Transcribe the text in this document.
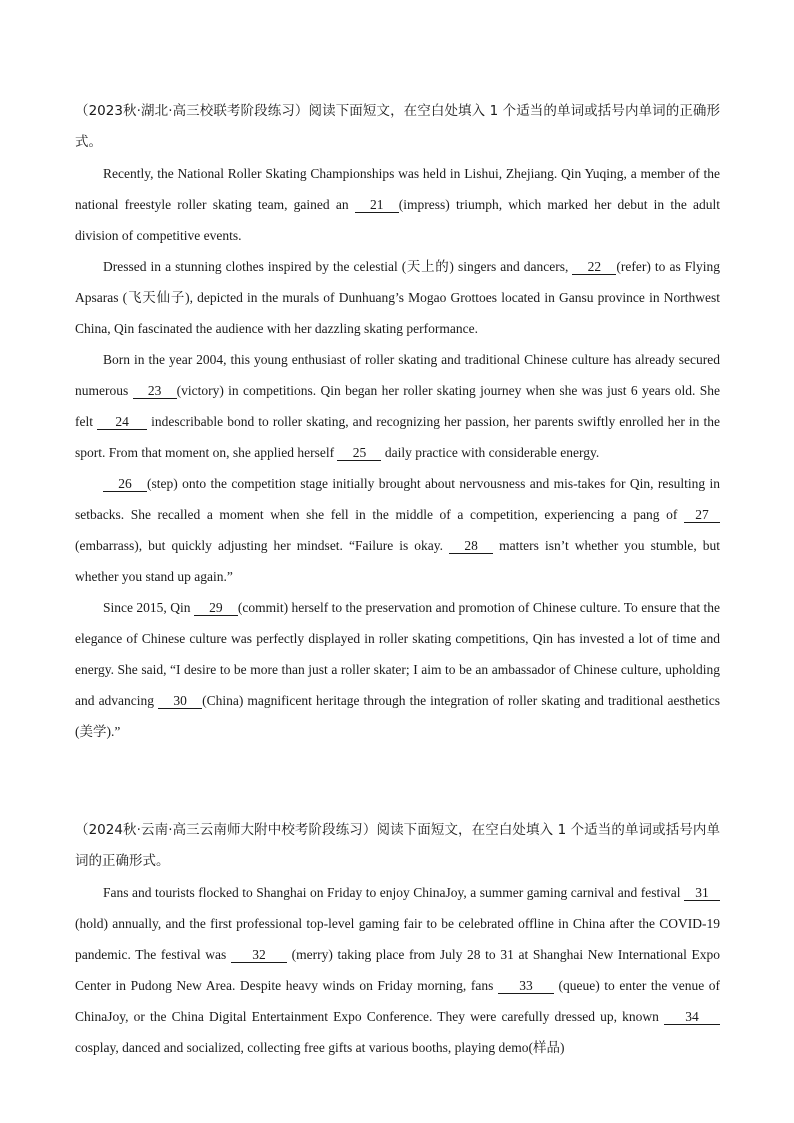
（2023秋·湖北·高三校联考阶段练习）阅读下面短文，在空白处填入 1 个适当的单词或括号内单词的正确形式。

Recently, the National Roller Skating Championships was held in Lishui, Zhejiang. Qin Yuqing, a member of the national freestyle roller skating team, gained an 21 (impress) triumph, which marked her debut in the adult division of competitive events.

Dressed in a stunning clothes inspired by the celestial (天上的) singers and dancers, 22 (refer) to as Flying Apsaras (飞天仙子), depicted in the murals of Dunhuang’s Mogao Grottoes located in Gansu province in Northwest China, Qin fascinated the audience with her dazzling skating performance.

Born in the year 2004, this young enthusiast of roller skating and traditional Chinese culture has already secured numerous 23 (victory) in competitions. Qin began her roller skating journey when she was just 6 years old. She felt 24 indescribable bond to roller skating, and recognizing her passion, her parents swiftly enrolled her in the sport. From that moment on, she applied herself 25 daily practice with considerable energy.

26 (step) onto the competition stage initially brought about nervousness and mis-takes for Qin, resulting in setbacks. She recalled a moment when she fell in the middle of a competition, experiencing a pang of 27(embarrass), but quickly adjusting her mindset. “Failure is okay. 28 matters isn’t whether you stumble, but whether you stand up again.”

Since 2015, Qin 29 (commit) herself to the preservation and promotion of Chinese culture. To ensure that the elegance of Chinese culture was perfectly displayed in roller skating competitions, Qin has invested a lot of time and energy. She said, “I desire to be more than just a roller skater; I aim to be an ambassador of Chinese culture, upholding and advancing 30 (China) magnificent heritage through the integration of roller skating and traditional aesthetics (美学).”

（2024秋·云南·高三云南师大附中校考阶段练习）阅读下面短文，在空白处填入 1 个适当的单词或括号内单词的正确形式。

Fans and tourists flocked to Shanghai on Friday to enjoy ChinaJoy, a summer gaming carnival and festival 31 (hold) annually, and the first professional top-level gaming fair to be celebrated offline in China after the COVID-19 pandemic. The festival was 32 (merry) taking place from July 28 to 31 at Shanghai New International Expo Center in Pudong New Area. Despite heavy winds on Friday morning, fans 33 (queue) to enter the venue of ChinaJoy, or the China Digital Entertainment Expo Conference. They were carefully dressed up, known 34 cosplay, danced and socialized, collecting free gifts at various booths, playing demo(样品)
